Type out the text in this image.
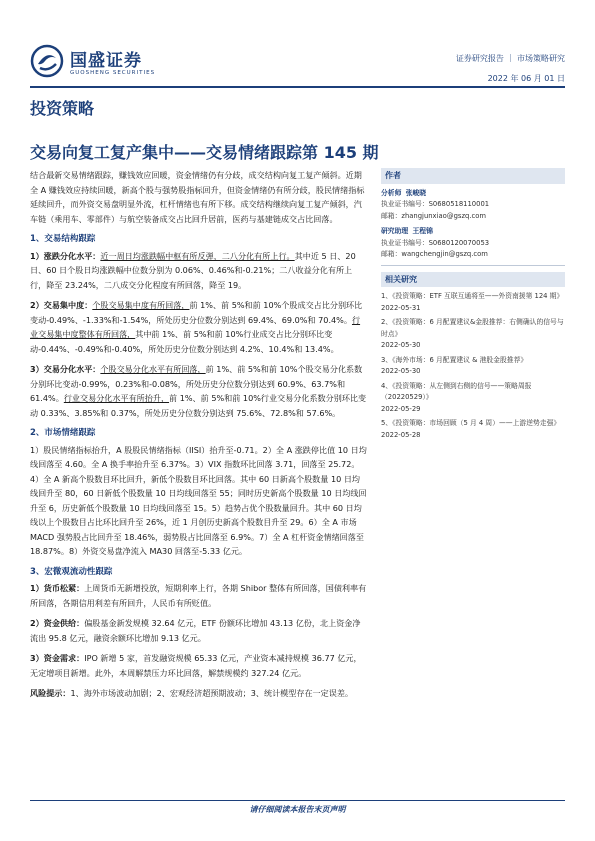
国盛证券
GUOSHENG SECURITIES
证券研究报告 ｜ 市场策略研究
2022 年 06 月 01 日
投资策略
交易向复工复产集中——交易情绪跟踪第 145 期

结合最新交易情绪跟踪，赚钱效应回暖，资金情绪仍有分歧，成交结构向复工复产倾斜。近期全 A 赚钱效应持续回暖，新高个股与强势股指标回升，但资金情绪仍有所分歧，股民情绪指标延续回升，而外资交易盘明显外流，杠杆情绪也有所下移。成交结构继续向复工复产倾斜，汽车链（乘用车、零部件）与航空装备成交占比回升居前，医药与基建链成交占比回落。

1、交易结构跟踪

1）涨跌分化水平：近一周日均涨跌幅中枢有所反弹，二八分化有所上行。其中近 5 日、20 日、60 日个股日均涨跌幅中位数分别为 0.06%、0.46%和-0.21%；二八收益分化有所上行，降至 23.24%，二八成交分化程度有所回落，降至 19。

2）交易集中度：个股交易集中度有所回落，前 1%、前 5%和前 10%个股成交占比分别环比变动-0.49%、-1.33%和-1.54%，所处历史分位数分别达到 69.4%、69.0%和 70.4%。行业交易集中度整体有所回落，其中前 1%、前 5%和前 10%行业成交占比分别环比变动-0.44%、-0.49%和-0.40%，所处历史分位数分别达到 4.2%、10.4%和 13.4%。

3）交易分化水平：个股交易分化水平有所回落，前 1%、前 5%和前 10%个股交易分化系数分别环比变动-0.99%，0.23%和-0.08%，所处历史分位数分别达到 60.9%、63.7%和 61.4%。行业交易分化水平有所抬升，前 1%、前 5%和前 10%行业交易分化系数分别环比变动 0.33%、3.85%和 0.37%，所处历史分位数分别达到 75.6%、72.8%和 57.6%。

2、市场情绪跟踪

1）股民情绪指标抬升，A 股股民情绪指标（IISI）抬升至-0.71。2）全 A 涨跌停比值 10 日均线回落至 4.60。全 A 换手率抬升至 6.37%。3）VIX 指数环比回落 3.71，回落至 25.72。4）全 A 新高个股数目环比回升，新低个股数目环比回落。其中 60 日新高个股数量 10 日均线回升至 80，60 日新低个股数量 10 日均线回落至 55；同时历史新高个股数量 10 日均线回升至 6，历史新低个股数量 10 日均线回落至 15。5）趋势占优个股数量回升。其中 60 日均线以上个股数目占比环比回升至 26%，近 1 月创历史新高个股数目升至 29。6）全 A 市场 MACD 强势股占比回升至 18.46%，弱势股占比回落至 6.9%。7）全 A 杠杆资金情绪回落至 18.87%。8）外资交易盘净流入 MA30 回落至-5.33 亿元。

3、宏微观流动性跟踪

1）货币松紧：上周货币无新增投放，短期利率上行，各期 Shibor 整体有所回落，国债利率有所回落，各期信用利差有所回升，人民币有所贬值。

2）资金供给：偏股基金新发规模 32.64 亿元，ETF 份额环比增加 43.13 亿份，北上资金净流出 95.8 亿元，融资余额环比增加 9.13 亿元。

3）资金需求：IPO 新增 5 家，首发融资规模 65.33 亿元，产业资本减持规模 36.77 亿元，无定增项目新增。此外，本周解禁压力环比回落，解禁规模约 327.24 亿元。

风险提示：1、海外市场波动加剧；2、宏观经济超预期波动；3、统计模型存在一定误差。

作者
分析师 张峻晓
执业证书编号：S0680518110001
邮箱：zhangjunxiao@gszq.com
研究助理 王程锦
执业证书编号：S0680120070053
邮箱：wangchengjin@gszq.com
相关研究
1、《投资策略：ETF 互联互通将至——外资南援第 124 期》
2022-05-31
2、《投资策略：6 月配置建议&金股推荐：右侧确认的信号与时点》
2022-05-30
3、《海外市场：6 月配置建议 & 港股金股推荐》
2022-05-30
4、《投资策略：从左侧到右侧的信号——策略周报（20220529）》
2022-05-29
5、《投资策略：市场回顾（5 月 4 周）——上游逆势走强》
2022-05-28
请仔细阅读本报告末页声明
